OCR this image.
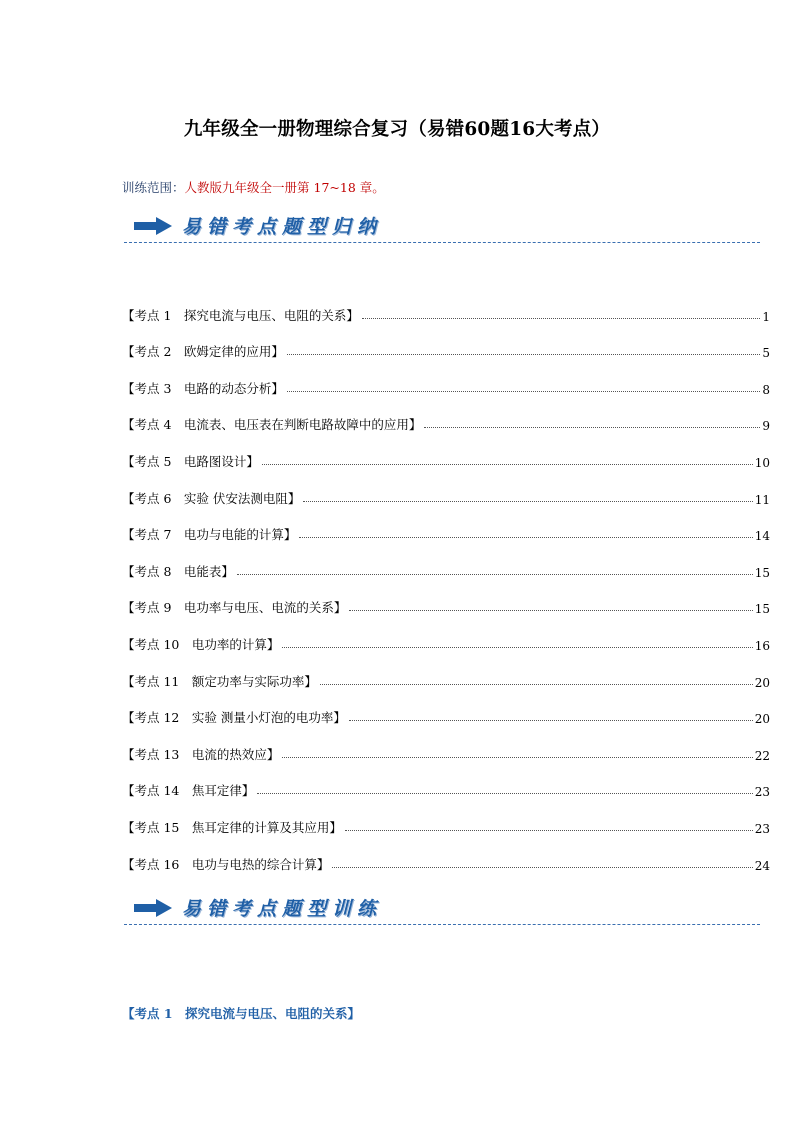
九年级全一册物理综合复习（易错60题16大考点）
训练范围：人教版九年级全一册第 17~18 章。
易错考点题型归纳
【考点 1　探究电流与电压、电阻的关系】	1
【考点 2　欧姆定律的应用】	5
【考点 3　电路的动态分析】	8
【考点 4　电流表、电压表在判断电路故障中的应用】	9
【考点 5　电路图设计】	10
【考点 6　实验 伏安法测电阻】	11
【考点 7　电功与电能的计算】	14
【考点 8　电能表】	15
【考点 9　电功率与电压、电流的关系】	15
【考点 10　电功率的计算】	16
【考点 11　额定功率与实际功率】	20
【考点 12　实验 测量小灯泡的电功率】	20
【考点 13　电流的热效应】	22
【考点 14　焦耳定律】	23
【考点 15　焦耳定律的计算及其应用】	23
【考点 16　电功与电热的综合计算】	24
易错考点题型训练
【考点 1　探究电流与电压、电阻的关系】
